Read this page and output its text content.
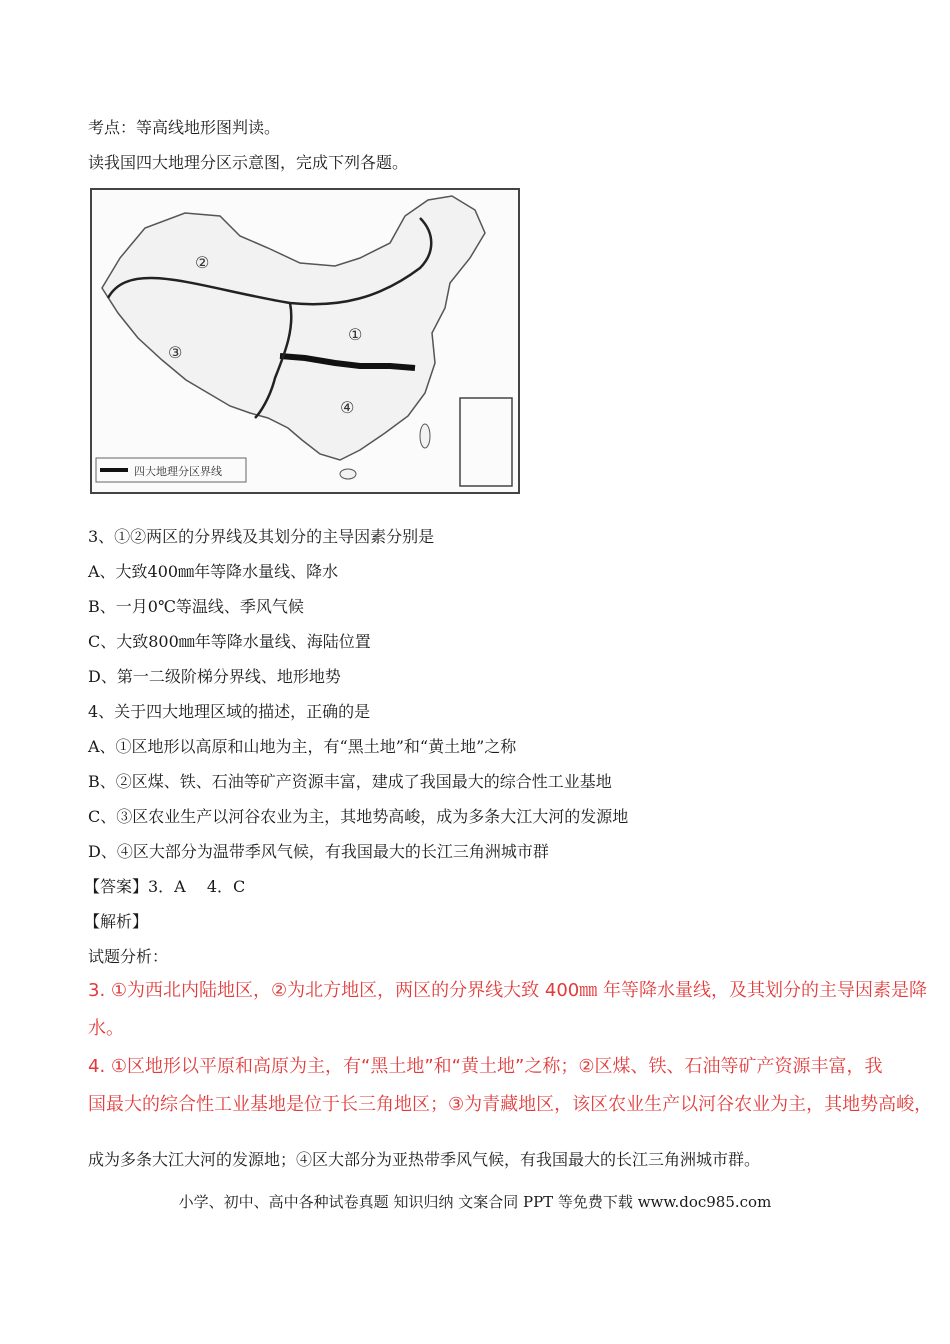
考点：等高线地形图判读。
读我国四大地理分区示意图，完成下列各题。
②
③
①
④
四大地理分区界线
3、①②两区的分界线及其划分的主导因素分别是
A、大致400㎜年等降水量线、降水
B、一月0℃等温线、季风气候
C、大致800㎜年等降水量线、海陆位置
D、第一二级阶梯分界线、地形地势
4、关于四大地理区域的描述，正确的是
A、①区地形以高原和山地为主，有“黑土地”和“黄土地”之称
B、②区煤、铁、石油等矿产资源丰富，建成了我国最大的综合性工业基地
C、③区农业生产以河谷农业为主，其地势高峻，成为多条大江大河的发源地
D、④区大部分为温带季风气候，有我国最大的长江三角洲城市群
【答案】3．A　 4．C
【解析】
试题分析：
3. ①为西北内陆地区，②为北方地区，两区的分界线大致 400㎜ 年等降水量线，及其划分的主导因素是降
水。
4. ①区地形以平原和高原为主，有“黑土地”和“黄土地”之称；②区煤、铁、石油等矿产资源丰富，我
国最大的综合性工业基地是位于长三角地区；③为青藏地区，该区农业生产以河谷农业为主，其地势高峻，
成为多条大江大河的发源地；④区大部分为亚热带季风气候，有我国最大的长江三角洲城市群。
小学、初中、高中各种试卷真题 知识归纳 文案合同 PPT 等免费下载 www.doc985.com
